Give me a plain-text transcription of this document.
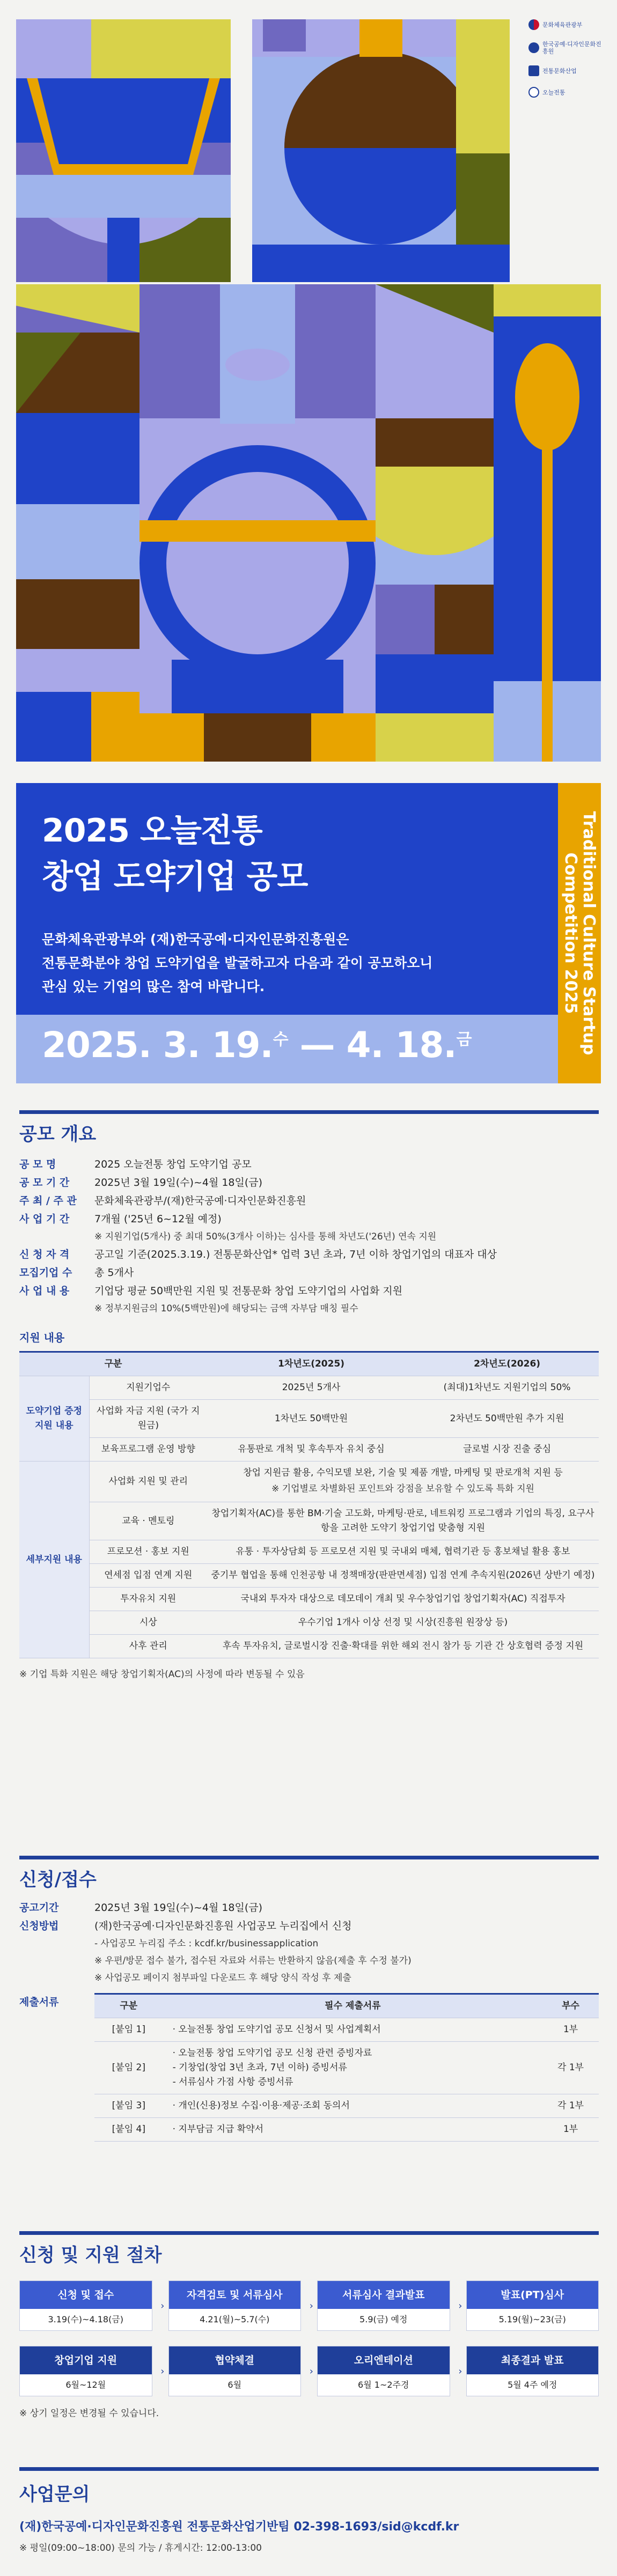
문화체육관광부
한국공예·디자인문화진흥원
전통문화산업
오늘전통
2025 오늘전통
창업 도약기업 공모
문화체육관광부와 (재)한국공예·디자인문화진흥원은
전통문화분야 창업 도약기업을 발굴하고자 다음과 같이 공모하오니
관심 있는 기업의 많은 참여 바랍니다.
2025. 3. 19.$^수$ — 4. 18.$^금$	Traditional Culture Startup
Competition 2025
공모 개요
공 모 명	2025 오늘전통 창업 도약기업 공모
공 모 기 간	2025년 3월 19일(수)~4월 18일(금)
주 최 / 주 관	문화체육관광부/(재)한국공예·디자인문화진흥원
사 업 기 간	7개월 ('25년 6~12월 예정)
※ 지원기업(5개사) 중 최대 50%(3개사 이하)는 심사를 통해 차년도('26년) 연속 지원
신 청 자 격	공고일 기준(2025.3.19.) 전통문화산업* 업력 3년 초과, 7년 이하 창업기업의 대표자 대상
모집기업 수	총 5개사
사 업 내 용	기업당 평균 50백만원 지원 및 전통문화 창업 도약기업의 사업화 지원
※ 정부지원금의 10%(5백만원)에 해당되는 금액 자부담 매칭 필수
지원 내용
구분		1차년도(2025)	2차년도(2026)
도약기업 증정지원 내용	지원기업수	2025년 5개사	(최대)1차년도 지원기업의 50%
	사업화 자금 지원 (국가 지원금)	1차년도 50백만원	2차년도 50백만원 추가 지원
	보육프로그램 운영 방향	유통판로 개척 및 후속투자 유치 중심	글로벌 시장 진출 중심
세부지원 내용	사업화 지원 및 관리	창업 지원금 활용, 수익모델 보완, 기술 및 제품 개발, 마케팅 및 판로개척 지원 등
※ 기업별로 차별화된 포인트와 강점을 보유할 수 있도록 특화 지원	

	교육 · 멘토링	창업기획자(AC)를 통한 BM·기술 고도화, 마케팅·판로, 네트워킹 프로그램과 기업의 특징, 요구사항을 고려한 도약기 창업기업 맞춤형 지원	

	프로모션 · 홍보 지원	유통 · 투자상담회 등 프로모션 지원 및 국내외 매체, 협력기관 등 홍보채널 활용 홍보	

	연세점 입점 연계 지원	중기부 협업을 통해 인천공항 내 정책매장(판판면세점) 입점 연계 추속지원(2026년 상반기 예정)	

	투자유치 지원	국내외 투자자 대상으로 데모데이 개최 및 우수창업기업 창업기획자(AC) 직접투자	

	시상	우수기업 1개사 이상 선정 및 시상(진흥원 원장상 등)	

	사후 관리	후속 투자유치, 글로벌시장 진출·확대를 위한 해외 전시 참가 등 기관 간 상호협력 증정 지원	
※ 기업 특화 지원은 해당 창업기획자(AC)의 사정에 따라 변동될 수 있음
신청/접수
공고기간	2025년 3월 19일(수)~4월 18일(금)
신청방법	(재)한국공예·디자인문화진흥원 사업공모 누리집에서 신청
- 사업공모 누리집 주소 : kcdf.kr/businessapplication
※ 우편/방문 접수 불가, 접수된 자료와 서류는 반환하지 않음(제출 후 수정 불가)
※ 사업공모 페이지 첨부파일 다운로드 후 해당 양식 작성 후 제출
제출서류	구분	필수 제출서류	부수
[붙임 1]	· 오늘전통 창업 도약기업 공모 신청서 및 사업계획서	1부
[붙임 2]	· 오늘전통 창업 도약기업 공모 신청 관련 증빙자료
- 기창업(창업 3년 초과, 7년 이하) 증빙서류
- 서류심사 가점 사항 증빙서류	각 1부
[붙임 3]	· 개인(신용)정보 수집·이용·제공·조회 동의서	각 1부
[붙임 4]	· 지부담금 지급 확약서	1부
신청 및 지원 절차
신청 및 접수
3.19(수)~4.18(금)
›
자격검토 및 서류심사
4.21(월)~5.7(수)
›
서류심사 결과발표
5.9(금) 예정
›
발표(PT)심사
5.19(월)~23(금)
창업기업 지원
6월~12월
›
협약체결
6월
›
오리엔테이션
6월 1~2주경
›
최종결과 발표
5월 4주 예정
※ 상기 일정은 변경될 수 있습니다.
사업문의
(재)한국공예·디자인문화진흥원 전통문화산업기반팀 02-398-1693/sid@kcdf.kr
※ 평일(09:00~18:00) 문의 가능 / 휴게시간: 12:00-13:00
